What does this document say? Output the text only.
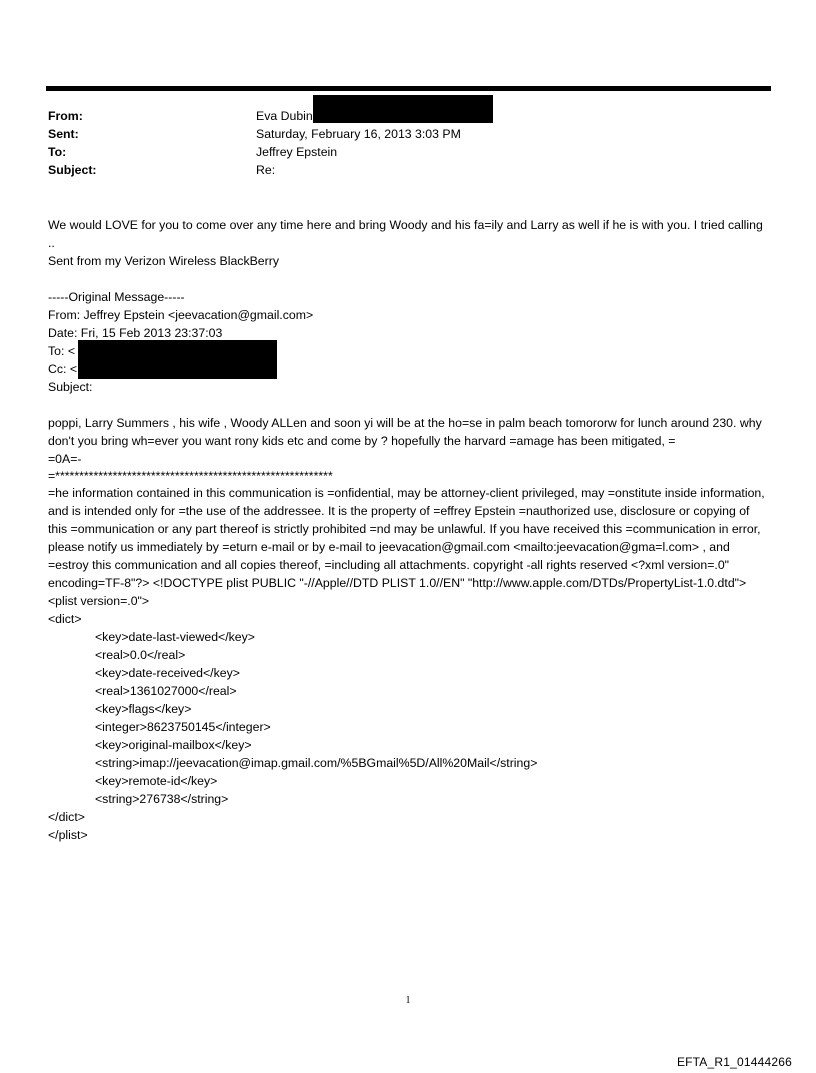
From:	Eva Dubin
Sent:	Saturday, February 16, 2013 3:03 PM
To:	Jeffrey Epstein
Subject:	Re:
We would LOVE for you to come over any time here and bring Woody and his fa=ily and Larry as well if he is with you. I tried calling ..
Sent from my Verizon Wireless BlackBerry
-----Original Message-----
From: Jeffrey Epstein <jeevacation@gmail.com>
Date: Fri, 15 Feb 2013 23:37:03
To: <
Cc: <
Subject:
poppi, Larry Summers , his wife , Woody ALLen and soon yi will be at the ho=se in palm beach tomororw for lunch around 230. why don't you bring wh=ever you want rony kids etc and come by ? hopefully the harvard =amage has been mitigated, =
=0A=-
=**********************************************************
=he information contained in this communication is =onfidential, may be attorney-client privileged, may =onstitute inside information, and is intended only for =the use of the addressee. It is the property of =effrey Epstein =nauthorized use, disclosure or copying of this =ommunication or any part thereof is strictly prohibited =nd may be unlawful. If you have received this =communication in error, please notify us immediately by =eturn e-mail or by e-mail to jeevacation@gmail.com <mailto:jeevacation@gma=l.com> , and =estroy this communication and all copies thereof, =including all attachments. copyright -all rights reserved <?xml version=.0" encoding=TF-8"?> <!DOCTYPE plist PUBLIC "-//Apple//DTD PLIST 1.0//EN" "http://www.apple.com/DTDs/PropertyList-1.0.dtd">
<plist version=.0">
<dict>
<key>date-last-viewed</key>
<real>0.0</real>
<key>date-received</key>
<real>1361027000</real>
<key>flags</key>
<integer>8623750145</integer>
<key>original-mailbox</key>
<string>imap://jeevacation@imap.gmail.com/%5BGmail%5D/All%20Mail</string>
<key>remote-id</key>
<string>276738</string>
</dict>
</plist>
1
EFTA_R1_01444266
